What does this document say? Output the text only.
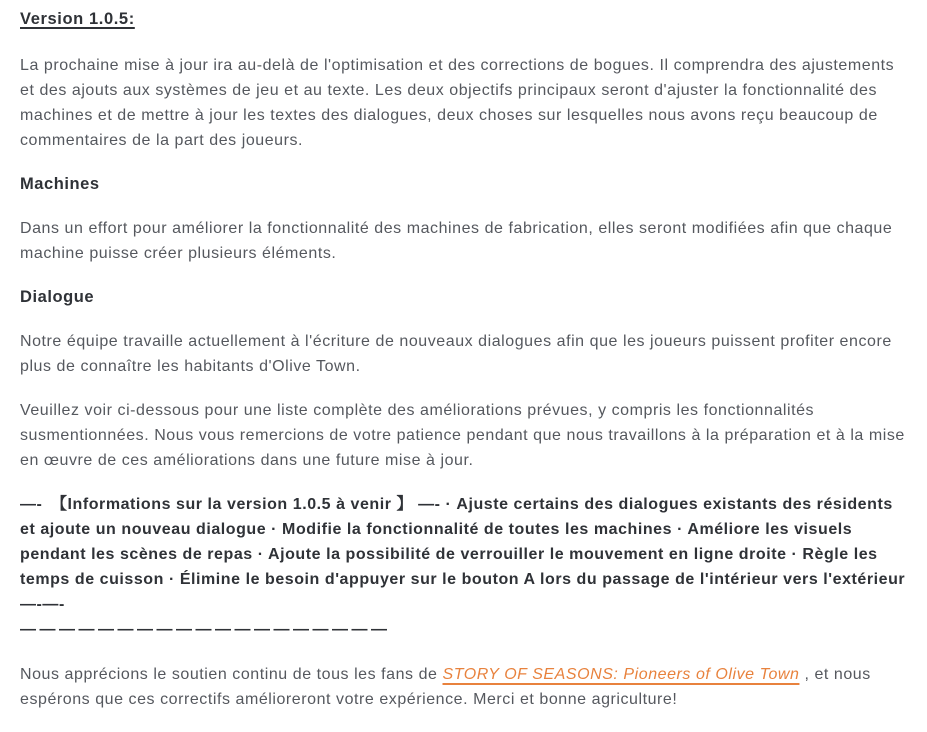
Version 1.0.5:

La prochaine mise à jour ira au-delà de l'optimisation et des corrections de bogues. Il comprendra des ajustements et des ajouts aux systèmes de jeu et au texte. Les deux objectifs principaux seront d'ajuster la fonctionnalité des machines et de mettre à jour les textes des dialogues, deux choses sur lesquelles nous avons reçu beaucoup de commentaires de la part des joueurs.

Machines

Dans un effort pour améliorer la fonctionnalité des machines de fabrication, elles seront modifiées afin que chaque machine puisse créer plusieurs éléments.

Dialogue

Notre équipe travaille actuellement à l'écriture de nouveaux dialogues afin que les joueurs puissent profiter encore plus de connaître les habitants d'Olive Town.

Veuillez voir ci-dessous pour une liste complète des améliorations prévues, y compris les fonctionnalités susmentionnées. Nous vous remercions de votre patience pendant que nous travaillons à la préparation et à la mise en œuvre de ces améliorations dans une future mise à jour.

—-　【Informations sur la version 1.0.5 à venir 】 —- · Ajuste certains des dialogues existants des résidents et ajoute un nouveau dialogue · Modifie la fonctionnalité de toutes les machines · Améliore les visuels pendant les scènes de repas · Ajoute la possibilité de verrouiller le mouvement en ligne droite · Règle les temps de cuisson · Élimine le besoin d'appuyer sur le bouton A lors du passage de l'intérieur vers l'extérieur —-—-

———————————————————

Nous apprécions le soutien continu de tous les fans de STORY OF SEASONS: Pioneers of Olive Town , et nous espérons que ces correctifs amélioreront votre expérience. Merci et bonne agriculture!
